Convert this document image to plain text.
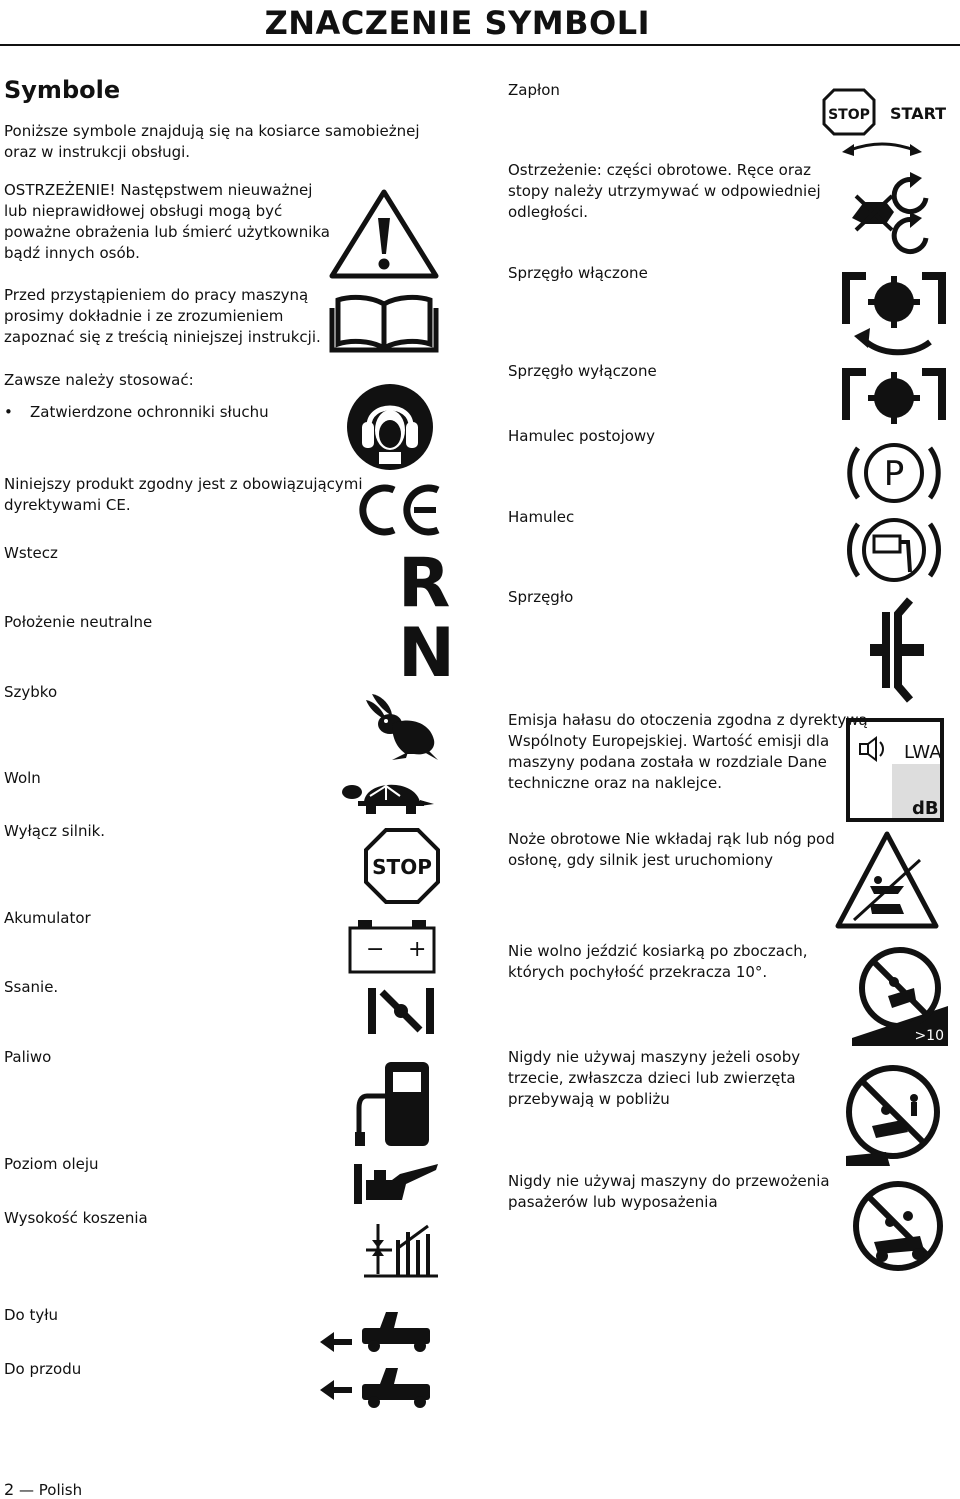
ZNACZENIE SYMBOLI
Symbole
Poniższe symbole znajdują się na kosiarce samobieżnej oraz w instrukcji obsługi.
OSTRZEŻENIE! Następstwem nieuważnej
lub nieprawidłowej obsługi mogą być
poważne obrażenia lub śmierć użytkownika
bądź innych osób.
Przed przystąpieniem do pracy maszyną
prosimy dokładnie i ze zrozumieniem
zapoznać się z treścią niniejszej instrukcji.
Zawsze należy stosować:
• Zatwierdzone ochronniki słuchu
Niniejszy produkt zgodny jest z obowiązującymi
dyrektywami CE.
Wstecz
Położenie neutralne
Szybko
Woln
Wyłącz silnik.
Akumulator
Ssanie.
Paliwo
Poziom oleju
Wysokość koszenia
Do tyłu
Do przodu
Zapłon
Ostrzeżenie: części obrotowe. Ręce oraz
stopy należy utrzymywać w odpowiedniej
odległości.
Sprzęgło włączone
Sprzęgło wyłączone
Hamulec postojowy
Hamulec
Sprzęgło
Emisja hałasu do otoczenia zgodna z dyrektywą
Wspólnoty Europejskiej. Wartość emisji dla
maszyny podana została w rozdziale Dane
techniczne oraz na naklejce.
Noże obrotowe Nie wkładaj rąk lub nóg pod
osłonę, gdy silnik jest uruchomiony
Nie wolno jeździć kosiarką po zboczach,
których pochyłość przekracza 10°.
Nigdy nie używaj maszyny jeżeli osoby
trzecie, zwłaszcza dzieci lub zwierzęta
przebywają w pobliżu
Nigdy nie używaj maszyny do przewożenia
pasażerów lub wyposażenia
2 — Polish
R
N
STOP
− +
STOP START
P
LWA
dB
>10
